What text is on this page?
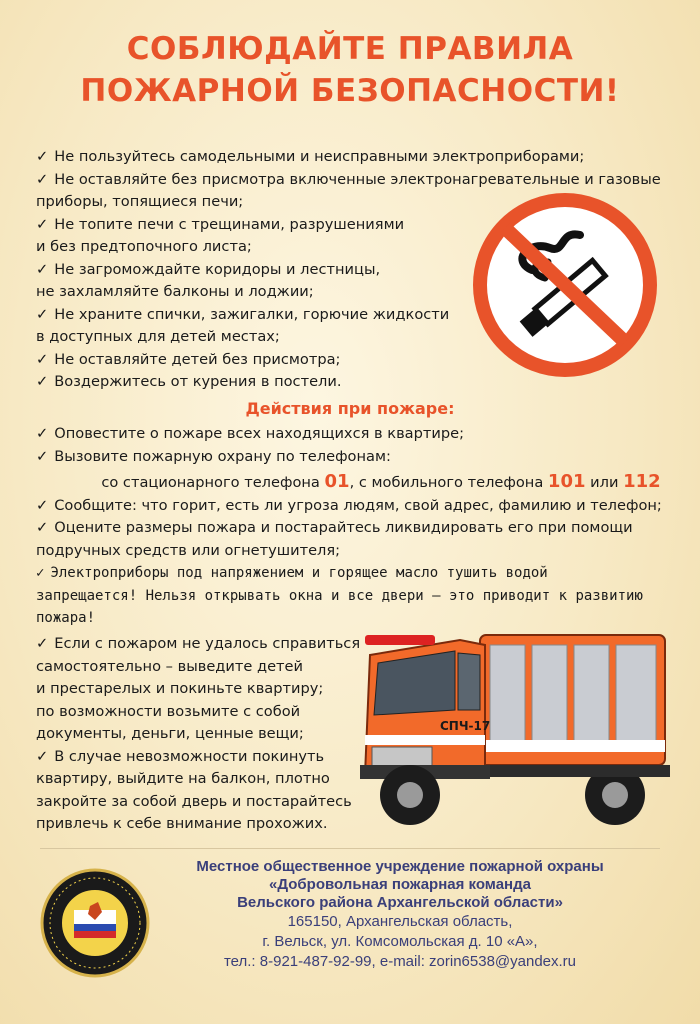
СОБЛЮДАЙТЕ ПРАВИЛА
ПОЖАРНОЙ БЕЗОПАСНОСТИ!
✓ Не пользуйтесь самодельными и неисправными электроприборами;
✓ Не оставляйте без присмотра включенные электронагревательные и газовые
приборы, топящиеся печи;
✓ Не топите печи с трещинами, разрушениями
и без предтопочного листа;
✓ Не загромождайте коридоры и лестницы,
не захламляйте балконы и лоджии;
✓ Не храните спички, зажигалки, горючие жидкости
в доступных для детей местах;
✓ Не оставляйте детей без присмотра;
✓ Воздержитесь от курения в постели.
Действия при пожаре:
✓ Оповестите о пожаре всех находящихся в квартире;
✓ Вызовите пожарную охрану по телефонам:
со стационарного телефона 01, с мобильного телефона 101 или 112
✓ Сообщите: что горит, есть ли угроза людям, свой адрес, фамилию и телефон;
✓ Оцените размеры пожара и постарайтесь ликвидировать его при помощи
подручных средств или огнетушителя;
✓ Электроприборы под напряжением и горящее масло тушить водой
запрещается! Нельзя открывать окна и все двери – это приводит к развитию
пожара!
✓ Если с пожаром не удалось справиться
самостоятельно – выведите детей
и престарелых и покиньте квартиру;
по возможности возьмите с собой
документы, деньги, ценные вещи;
✓ В случае невозможности покинуть
квартиру, выйдите на балкон, плотно
закройте за собой дверь и постарайтесь
привлечь к себе внимание прохожих.
СПЧ-17
Местное общественное учреждение пожарной охраны
«Добровольная пожарная команда
Вельского района Архангельской области»
165150, Архангельская область,
г. Вельск, ул. Комсомольская д. 10 «А»,
тел.: 8-921-487-92-99, e-mail: zorin6538@yandex.ru
